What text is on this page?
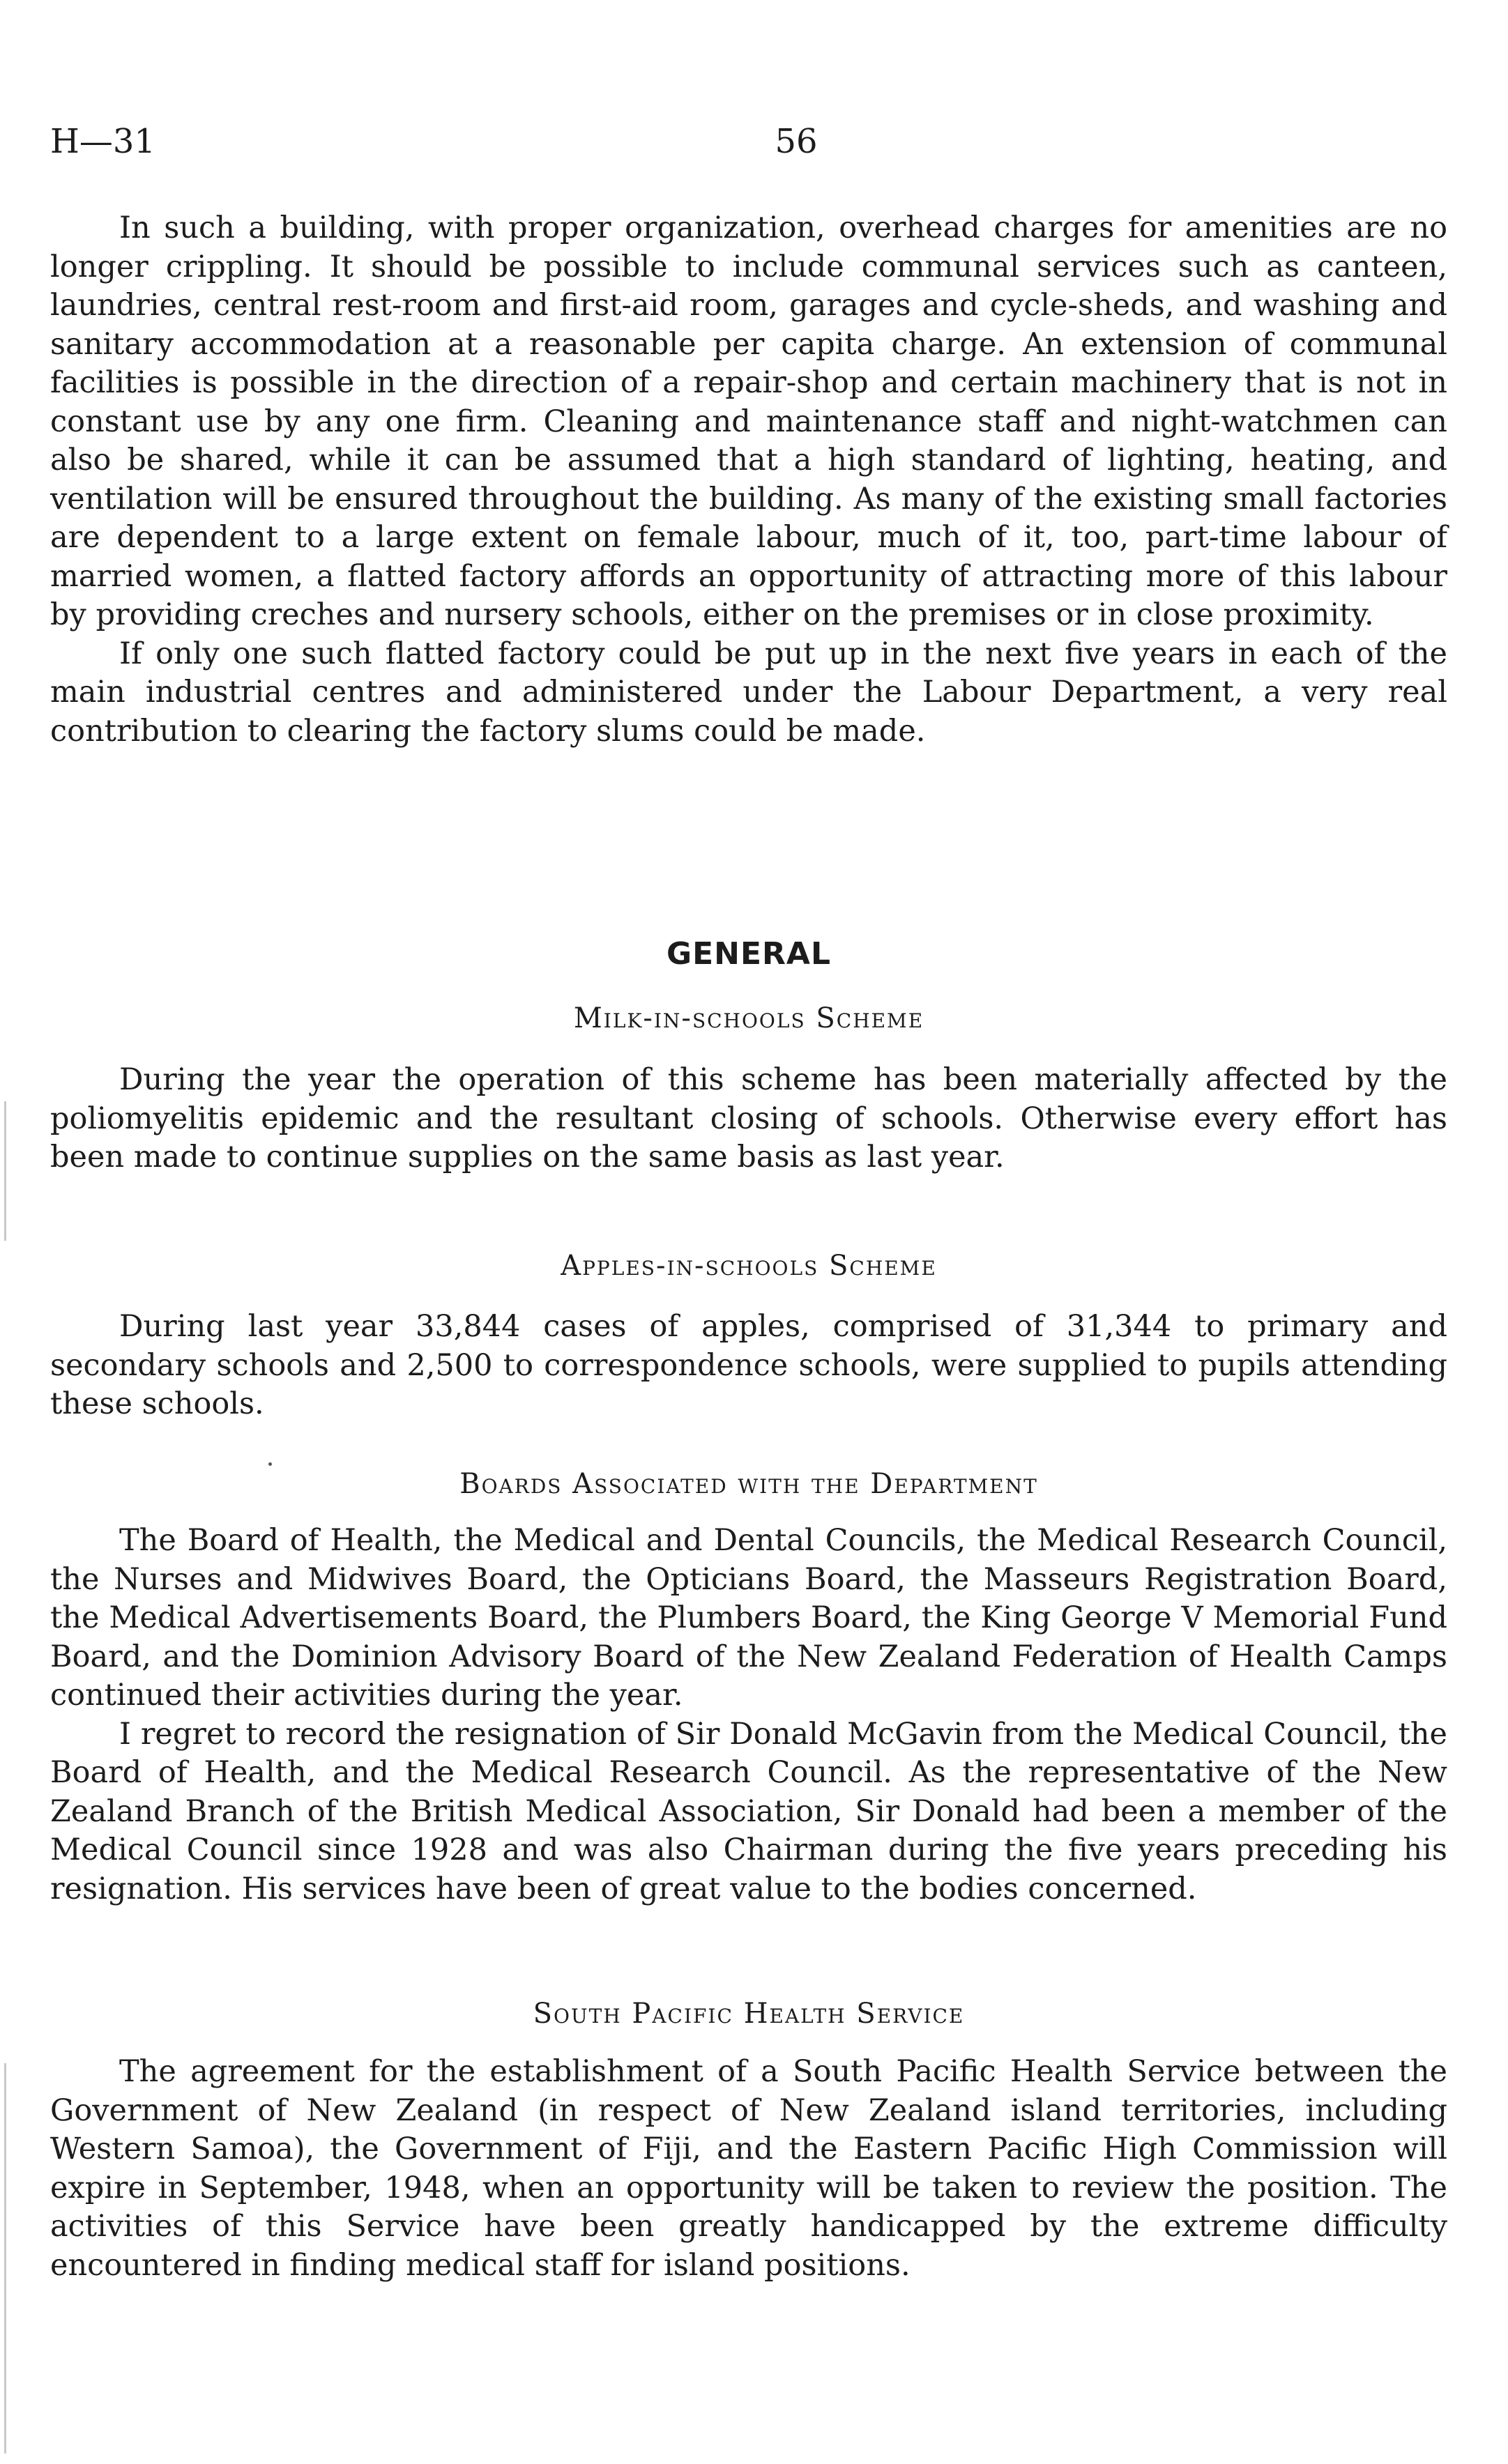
H—31	56

In such a building, with proper organization, overhead charges for amenities are no longer crippling. It should be possible to include communal services such as canteen, laundries, central rest-room and first-aid room, garages and cycle-sheds, and washing and sanitary accommodation at a reasonable per capita charge. An extension of communal facilities is possible in the direction of a repair-shop and certain machinery that is not in constant use by any one firm. Cleaning and maintenance staff and night-watchmen can also be shared, while it can be assumed that a high standard of lighting, heating, and ventilation will be ensured throughout the building. As many of the existing small factories are dependent to a large extent on female labour, much of it, too, part-time labour of married women, a flatted factory affords an opportunity of attracting more of this labour by providing creches and nursery schools, either on the premises or in close proximity.

If only one such flatted factory could be put up in the next five years in each of the main industrial centres and administered under the Labour Department, a very real contribution to clearing the factory slums could be made.

GENERAL
Milk-in-schools Scheme

During the year the operation of this scheme has been materially affected by the poliomyelitis epidemic and the resultant closing of schools. Otherwise every effort has been made to continue supplies on the same basis as last year.

Apples-in-schools Scheme

During last year 33,844 cases of apples, comprised of 31,344 to primary and secondary schools and 2,500 to correspondence schools, were supplied to pupils attending these schools.

Boards Associated with the Department

The Board of Health, the Medical and Dental Councils, the Medical Research Council, the Nurses and Midwives Board, the Opticians Board, the Masseurs Registration Board, the Medical Advertisements Board, the Plumbers Board, the King George V Memorial Fund Board, and the Dominion Advisory Board of the New Zealand Federation of Health Camps continued their activities during the year.

I regret to record the resignation of Sir Donald McGavin from the Medical Council, the Board of Health, and the Medical Research Council. As the representative of the New Zealand Branch of the British Medical Association, Sir Donald had been a member of the Medical Council since 1928 and was also Chairman during the five years preceding his resignation. His services have been of great value to the bodies concerned.

South Pacific Health Service

The agreement for the establishment of a South Pacific Health Service between the Government of New Zealand (in respect of New Zealand island territories, including Western Samoa), the Government of Fiji, and the Eastern Pacific High Commission will expire in September, 1948, when an opportunity will be taken to review the position. The activities of this Service have been greatly handicapped by the extreme difficulty encountered in finding medical staff for island positions.
